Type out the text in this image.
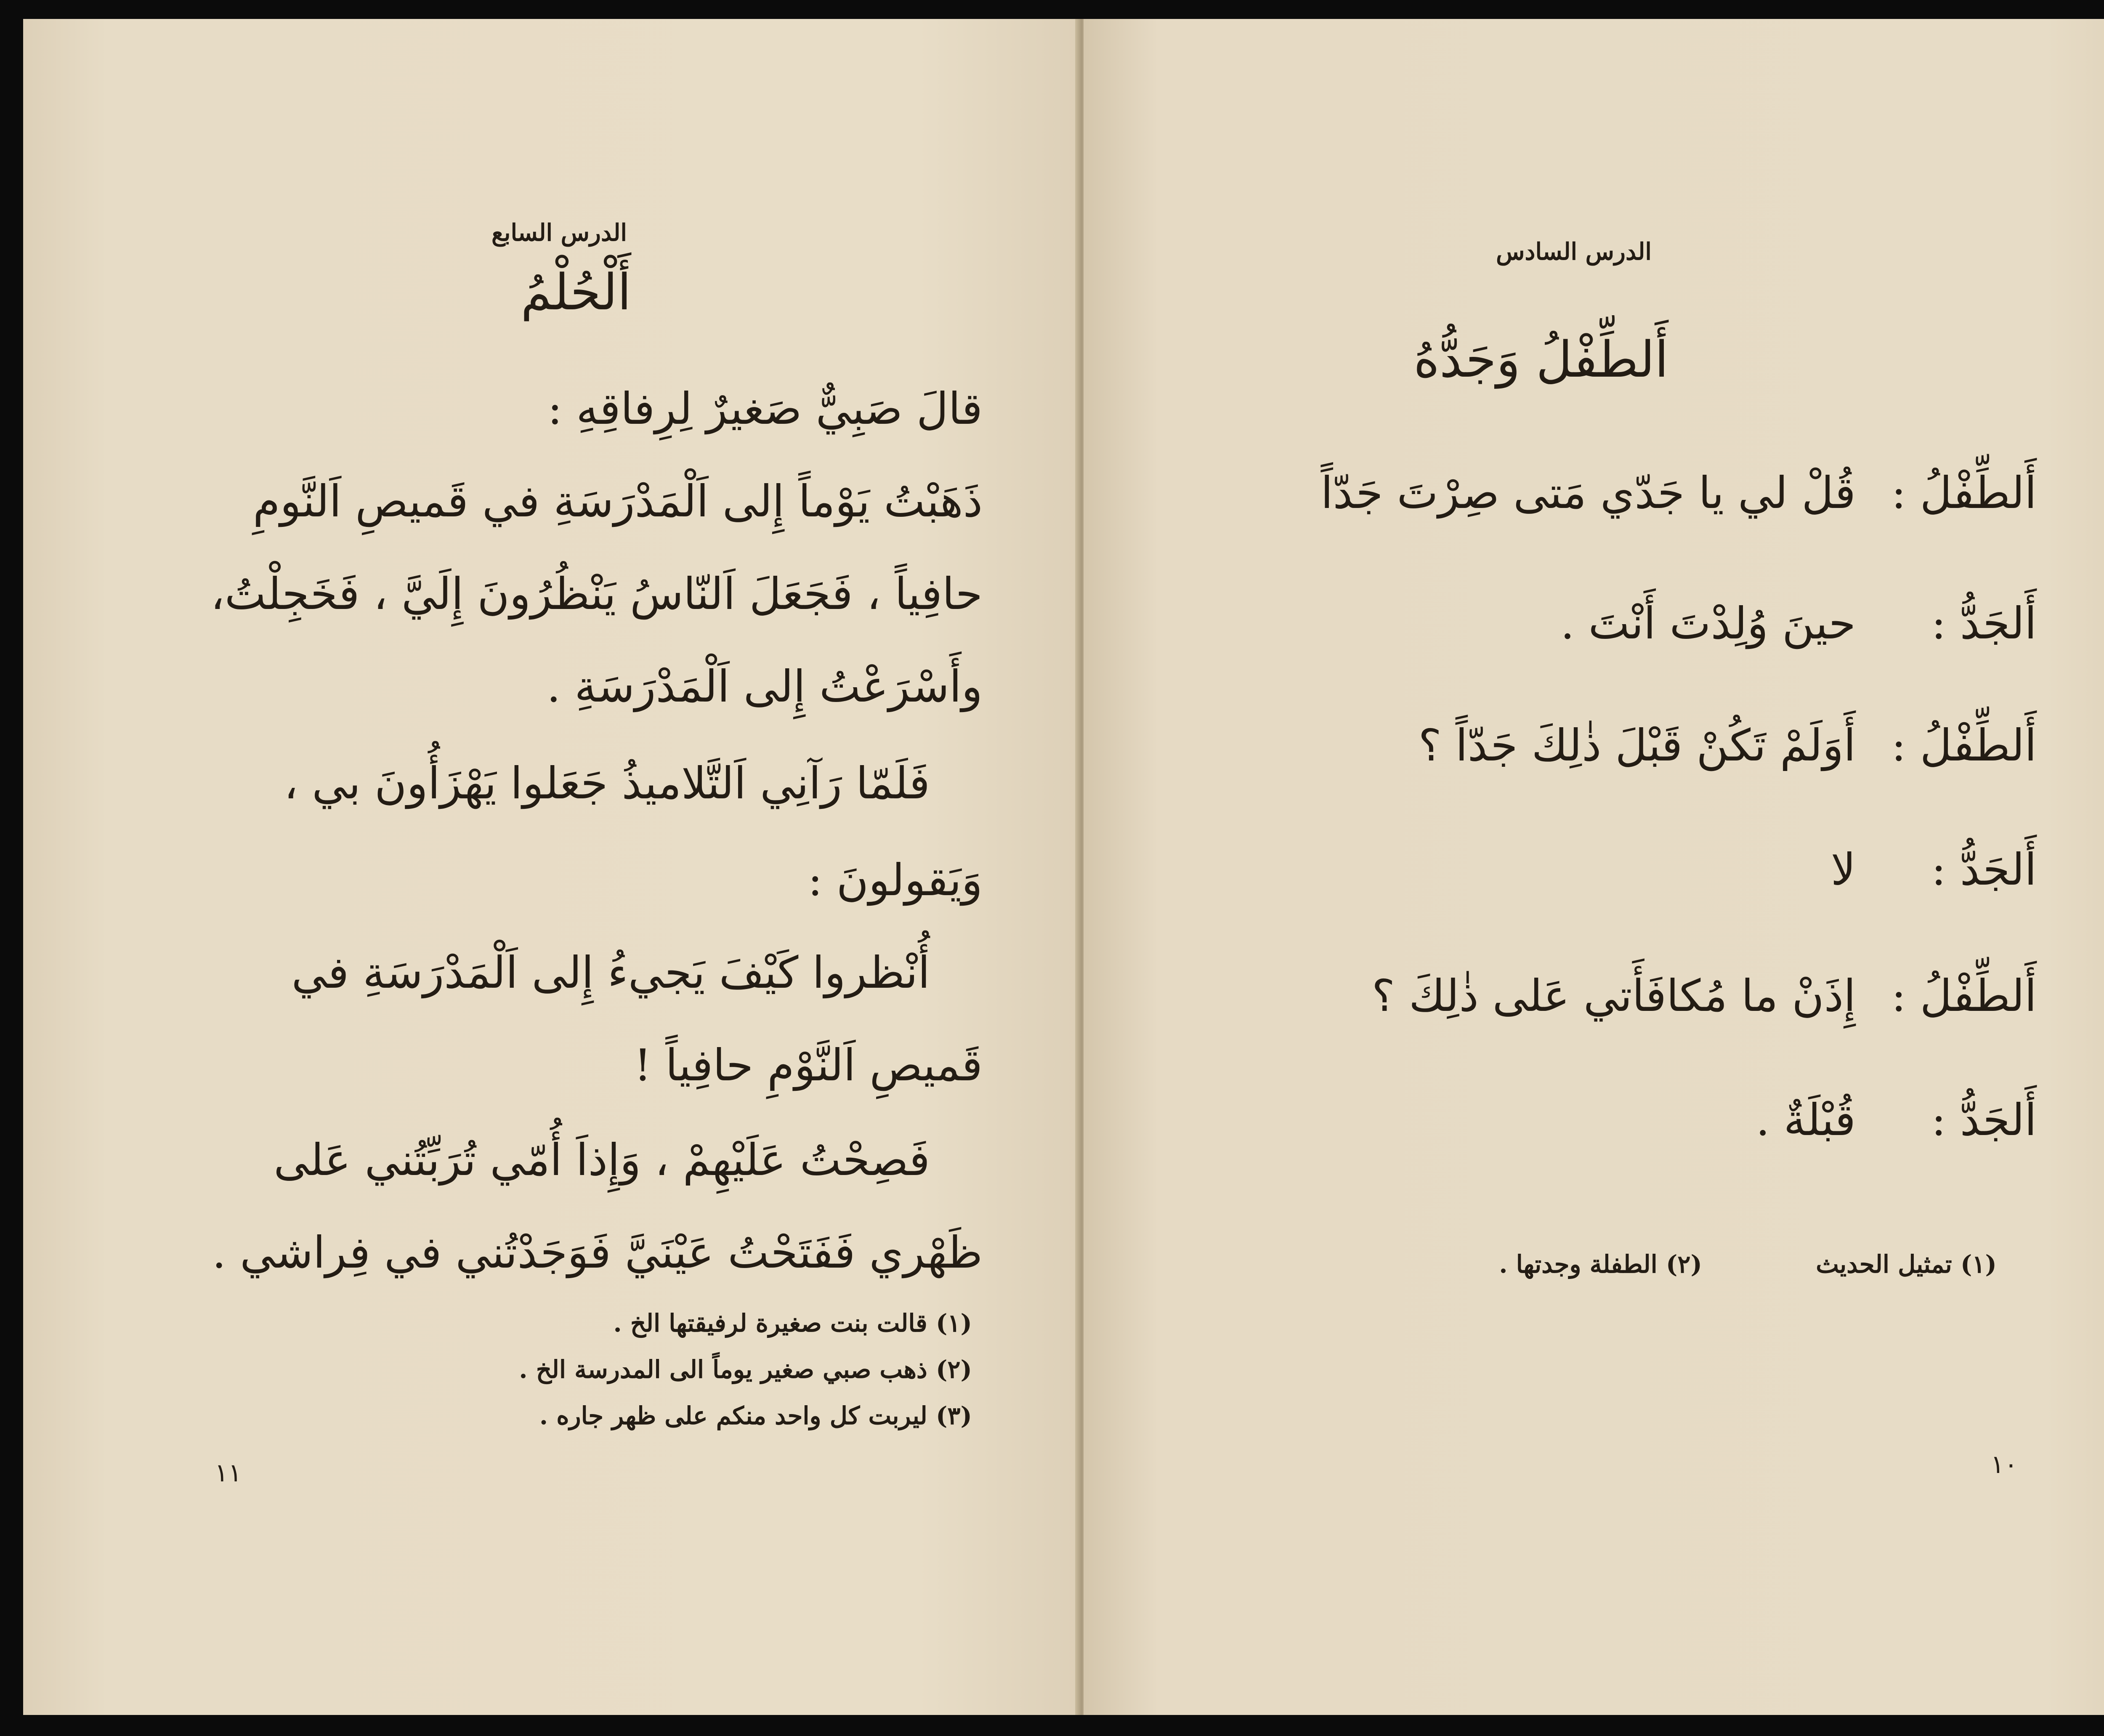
الدرس السابع
أَلْحُلْمُ
قالَ صَبِيٌّ صَغيرٌ لِرِفاقِهِ :
ذَهَبْتُ يَوْماً إِلى اَلْمَدْرَسَةِ في قَميصِ اَلنَّومِ
حافِياً ، فَجَعَلَ اَلنّاسُ يَنْظُرُونَ إِلَيَّ ، فَخَجِلْتُ،
وأَسْرَعْتُ إِلى اَلْمَدْرَسَةِ .
فَلَمّا رَآنِي اَلتَّلاميذُ جَعَلوا يَهْزَأُونَ بي ،
وَيَقولونَ :
أُنْظروا كَيْفَ يَجيءُ إِلى اَلْمَدْرَسَةِ في
قَميصِ اَلنَّوْمِ حافِياً !
فَصِحْتُ عَلَيْهِمْ ، وَإِذاَ أُمّي تُرَبِّتُني عَلى
ظَهْري فَفَتَحْتُ عَيْنَيَّ فَوَجَدْتُني في فِراشي .
(١) قالت بنت صغيرة لرفيقتها الخ .
(٢) ذهب صبي صغير يوماً الى المدرسة الخ .
(٣) ليربت كل واحد منكم على ظهر جاره .
١١
الدرس السادس
أَلطِّفْلُ وَجَدُّهُ
أَلطِّفْلُ :قُلْ لي يا جَدّي مَتى صِرْتَ جَدّاً
أَلجَدُّ :حينَ وُلِدْتَ أَنْتَ .
أَلطِّفْلُ :أَوَلَمْ تَكُنْ قَبْلَ ذٰلِكَ جَدّاً ؟
أَلجَدُّ :لا
أَلطِّفْلُ :إِذَنْ ما مُكافَأَتي عَلى ذٰلِكَ ؟
أَلجَدُّ :قُبْلَةٌ .
(١) تمثيل الحديث
(٢) الطفلة وجدتها .
١٠
